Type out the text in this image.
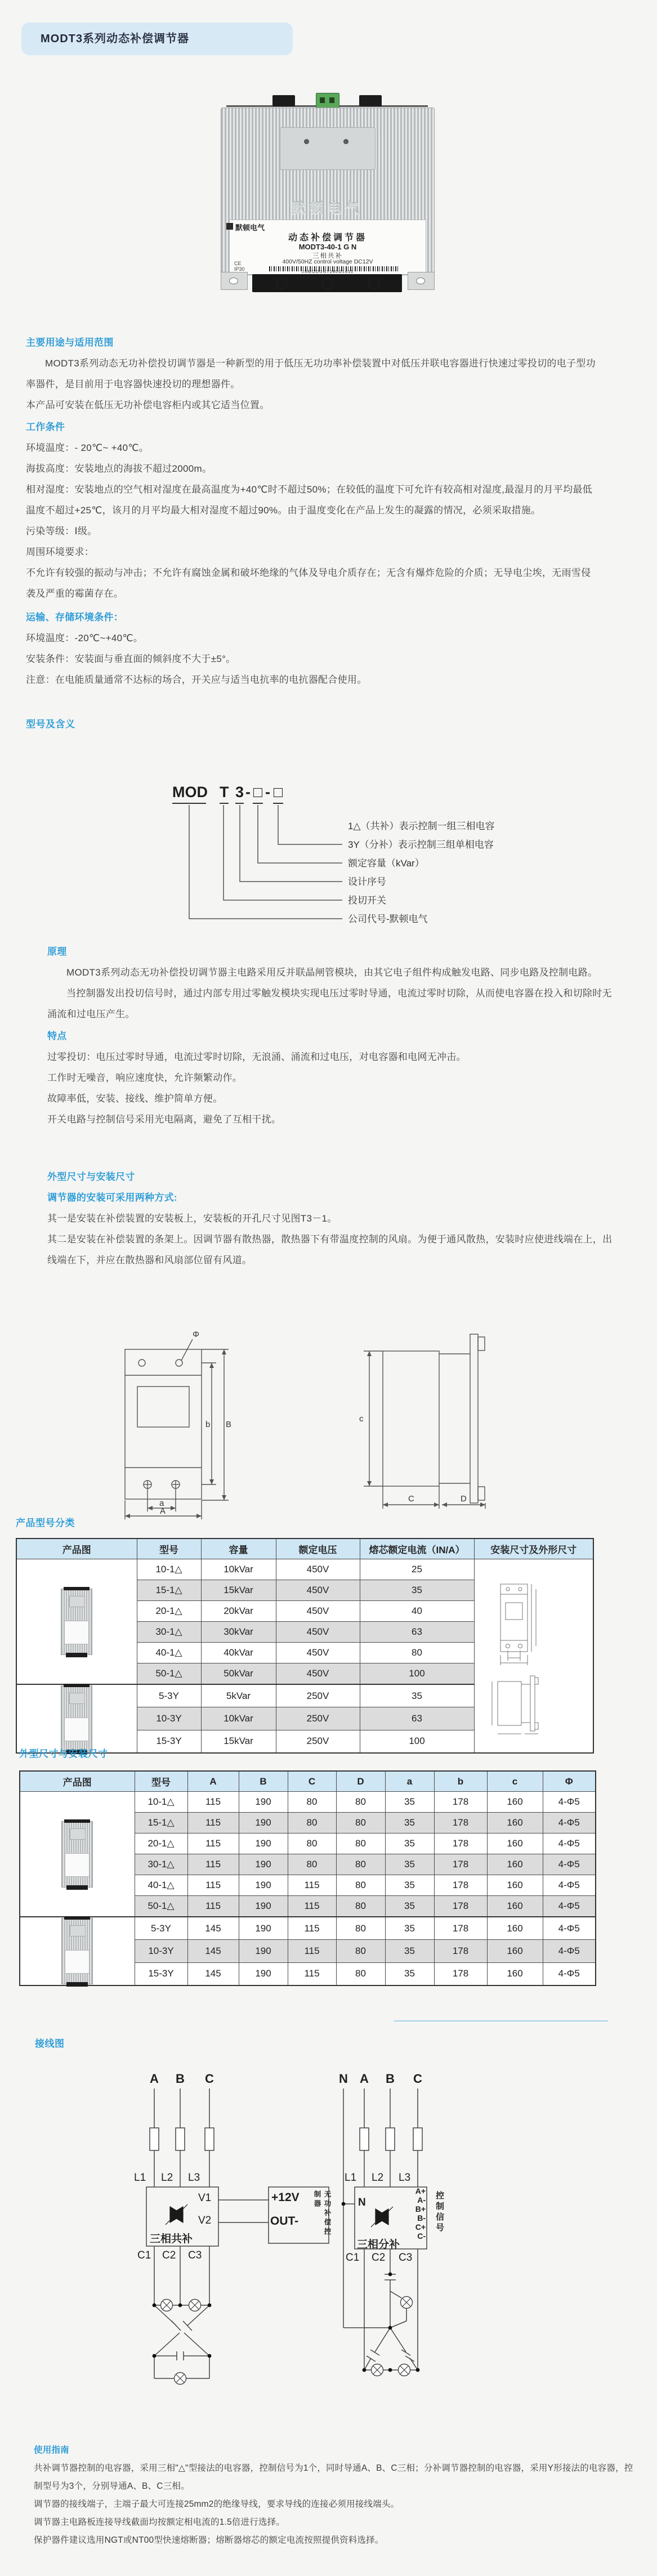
MODT3系列动态补偿调节器
默顿电气
默顿电气
动态补偿调节器
MODT3-40-1 G N
三相共补
400V/50HZ control voltage DC12V
CE
IP30	JSMODUNT240G1611
主要用途与适用范围
MODT3系列动态无功补偿投切调节器是一种新型的用于低压无功功率补偿装置中对低压并联电容器进行快速过零投切的电子型功率器件，是目前用于电容器快速投切的理想器件。
本产品可安装在低压无功补偿电容柜内或其它适当位置。
工作条件
环境温度：- 20℃~ +40℃。
海拔高度：安装地点的海拔不超过2000m。
相对湿度：安装地点的空气相对湿度在最高温度为+40℃时不超过50%；在较低的温度下可允许有较高相对湿度,最湿月的月平均最低温度不超过+25℃，该月的月平均最大相对湿度不超过90%。由于温度变化在产品上发生的凝露的情况，必须采取措施。
污染等级：Ⅰ级。
周围环境要求：
不允许有较强的振动与冲击；不允许有腐蚀金属和破坏绝缘的气体及导电介质存在；无含有爆炸危险的介质；无导电尘埃，无雨雪侵袭及严重的霉菌存在。
运输、存储环境条件：
环境温度：-20℃~+40℃。
安装条件：安装面与垂直面的倾斜度不大于±5°。
注意：在电能质量通常不达标的场合，开关应与适当电抗率的电抗器配合使用。
型号及含义
MOD T 3 - □ - □
1△（共补）表示控制一组三相电容
3Y（分补）表示控制三组单相电容
额定容量（kVar）
设计序号
投切开关
公司代号-默顿电气
原理
MODT3系列动态无功补偿投切调节器主电路采用反并联晶闸管模块，由其它电子组件构成触发电路、同步电路及控制电路。
当控制器发出投切信号时，通过内部专用过零触发模块实现电压过零时导通，电流过零时切除，从而使电容器在投入和切除时无涌流和过电压产生。
特点
过零投切：电压过零时导通，电流过零时切除，无浪涌、涌流和过电压，对电容器和电网无冲击。
工作时无噪音，响应速度快，允许频繁动作。
故障率低，安装、接线、维护简单方便。
开关电路与控制信号采用光电隔离，避免了互相干扰。
外型尺寸与安装尺寸
调节器的安装可采用两种方式:
其一是安装在补偿装置的安装板上，安装板的开孔尺寸见图T3－1。
其二是安装在补偿装置的条架上。因调节器有散热器，散热器下有带温度控制的风扇。为便于通风散热，安装时应使进线端在上，出线端在下，并应在散热器和风扇部位留有风道。
Φ
b B
a
A
c
C	D
产品型号分类
产品图	型号	容量	额定电压	熔芯额定电流（IN/A）	安装尺寸及外形尺寸

	10-1△	10kVar	450V	25	

	15-1△	15kVar	450V	35	
	20-1△	20kVar	450V	40	
	30-1△	30kVar	450V	63	
	40-1△	40kVar	450V	80	
	50-1△	50kVar	450V	100	

	5-3Y	5kVar	250V	35	
	10-3Y	10kVar	250V	63	
	15-3Y	15kVar	250V	100	
外型尺寸与安装尺寸
产品图	型号	A	B	C	D	a	b	c	Φ

	10-1△	115	190	80	80	35	178	160	4-Φ5
	15-1△	115	190	80	80	35	178	160	4-Φ5
	20-1△	115	190	80	80	35	178	160	4-Φ5
	30-1△	115	190	80	80	35	178	160	4-Φ5
	40-1△	115	190	115	80	35	178	160	4-Φ5
	50-1△	115	190	115	80	35	178	160	4-Φ5

	5-3Y	145	190	115	80	35	178	160	4-Φ5
	10-3Y	145	190	115	80	35	178	160	4-Φ5
	15-3Y	145	190	115	80	35	178	160	4-Φ5
接线图
A B C
L1 L2 L3
三相共补
V1
V2
+12V
OUT-	无功补偿控制器
C1 C2 C3
N A B C
L1 L2 L3
N
三相分补
A+
A-
B+
B-
C+
C-
控制信号
C1 C2 C3
使用指南
共补调节器控制的电容器，采用三相"△"型接法的电容器，控制信号为1个，同时导通A、B、C三相；分补调节器控制的电容器，采用Y形接法的电容器，控制型号为3个，分别导通A、B、C三相。
调节器的接线端子，主端子最大可连接25mm2的绝缘导线，要求导线的连接必须用接线端头。
调节器主电路板连接导线截面均按额定相电流的1.5倍进行选择。
保护器件建议选用NGT或NT00型快速熔断器；熔断器熔芯的额定电流按照提供资料选择。
